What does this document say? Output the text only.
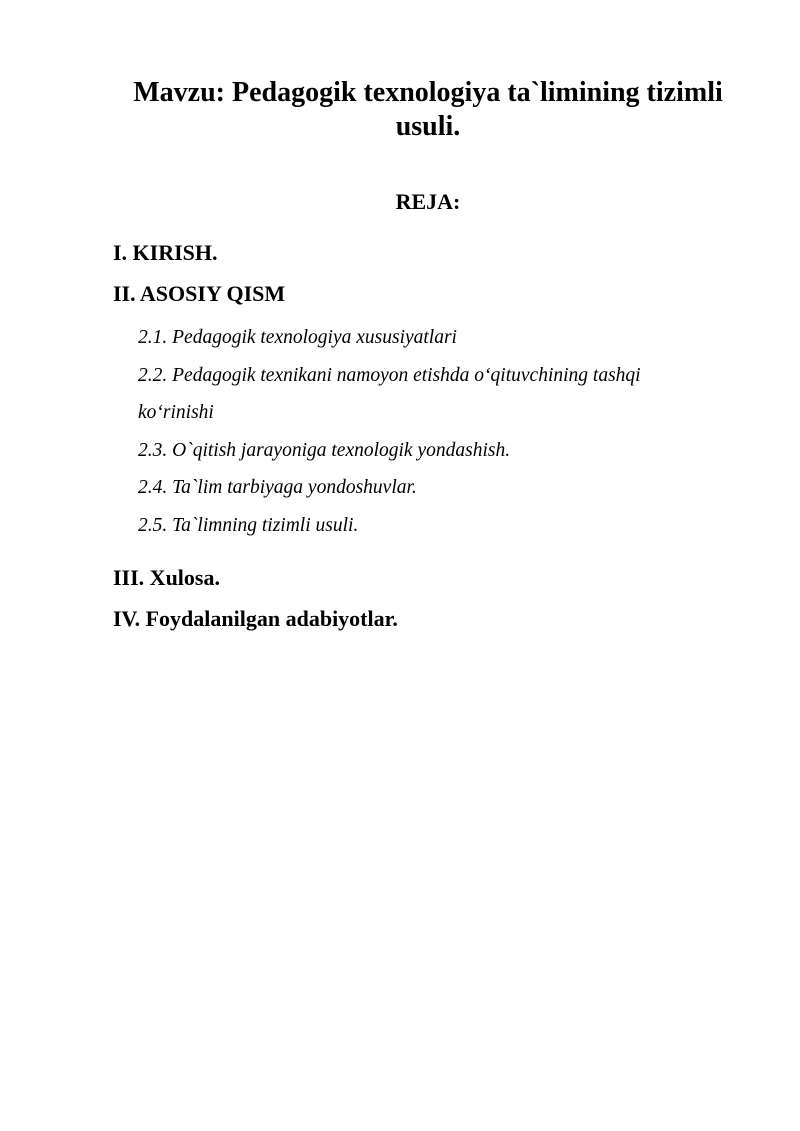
Mavzu: Pedagogik texnologiya ta`limining tizimli usuli.
REJA:
I. KIRISH.
II. ASOSIY QISM
2.1. Pedagogik texnologiya xususiyatlari
2.2. Pedagogik texnikani namoyon etishda o‘qituvchining tashqi ko‘rinishi
2.3. O`qitish jarayoniga texnologik yondashish.
2.4. Ta`lim tarbiyaga yondoshuvlar.
2.5. Ta`limning tizimli usuli.
III. Xulosa.
IV. Foydalanilgan adabiyotlar.
